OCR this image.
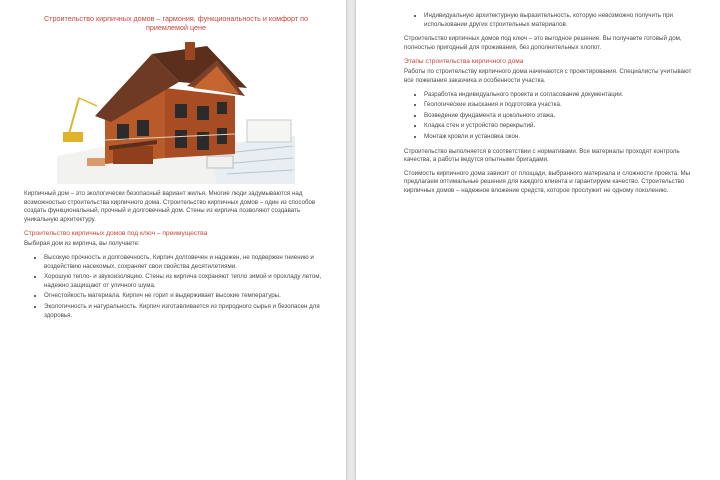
Строительство кирпичных домов – гармония, функциональность и комфорт по приемлемой цене

Кирпичный дом – это экологически безопасный вариант жилья. Многие люди задумываются над возможностью строительства кирпичного дома. Строительство кирпичных домов – один из способов создать функциональный, прочный и долговечный дом. Стены из кирпича позволяют создавать уникальную архитектуру.

Строительство кирпичных домов под ключ – преимущества

Выбирая дом из кирпича, вы получаете:

• Высокую прочность и долговечность. Кирпич долговечен и надежен, не подвержен гниению и воздействию насекомых, сохраняет свои свойства десятилетиями.
• Хорошую тепло- и звукоизоляцию. Стены из кирпича сохраняют тепло зимой и прохладу летом, надежно защищают от уличного шума.
• Огнестойкость материала. Кирпич не горит и выдерживает высокие температуры.
• Экологичность и натуральность. Кирпич изготавливается из природного сырья и безопасен для здоровья.
• Индивидуальную архитектурную выразительность, которую невозможно получить при использовании других строительных материалов.

Строительство кирпичных домов под ключ – это выгодное решение. Вы получаете готовый дом, полностью пригодный для проживания, без дополнительных хлопот.

Этапы строительства кирпичного дома

Работы по строительству кирпичного дома начинаются с проектирования. Специалисты учитывают все пожелания заказчика и особенности участка.

• Разработка индивидуального проекта и согласование документации.
• Геологические изыскания и подготовка участка.
• Возведение фундамента и цокольного этажа.
• Кладка стен и устройство перекрытий.
• Монтаж кровли и установка окон.

Строительство выполняется в соответствии с нормативами. Все материалы проходят контроль качества, а работы ведутся опытными бригадами.

Стоимость кирпичного дома зависит от площади, выбранного материала и сложности проекта. Мы предлагаем оптимальные решения для каждого клиента и гарантируем качество. Строительство кирпичных домов – надежное вложение средств, которое прослужит не одному поколению.
